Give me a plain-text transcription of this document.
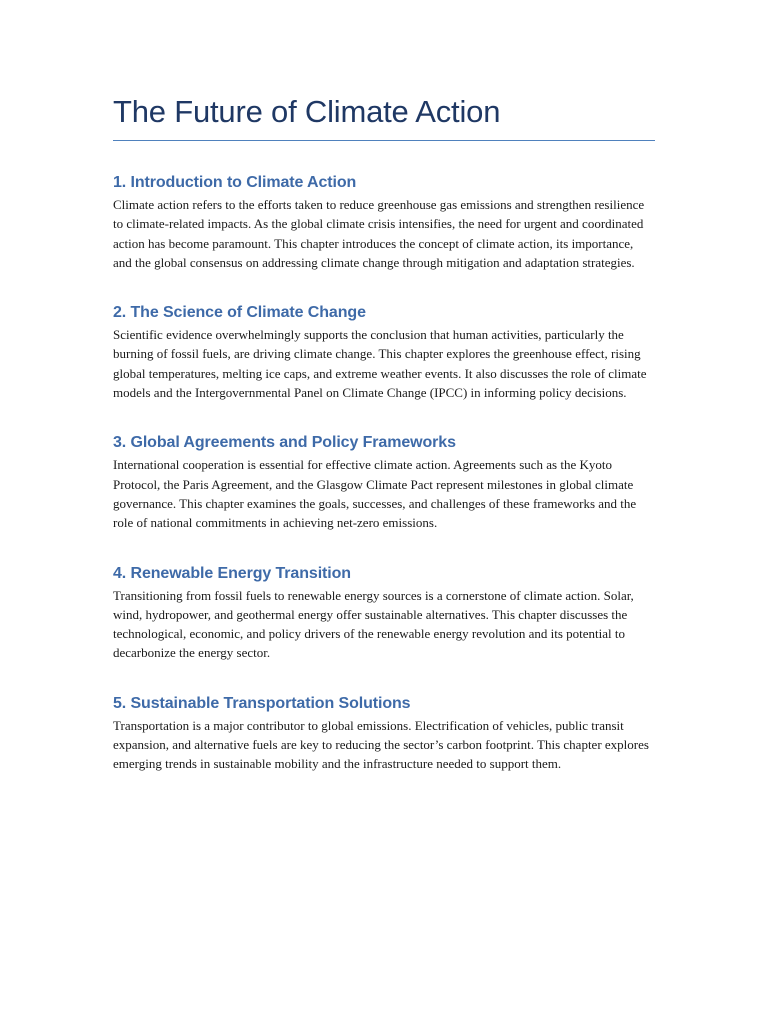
The Future of Climate Action
1. Introduction to Climate Action

Climate action refers to the efforts taken to reduce greenhouse gas emissions and strengthen resilience to climate-related impacts. As the global climate crisis intensifies, the need for urgent and coordinated action has become paramount. This chapter introduces the concept of climate action, its importance, and the global consensus on addressing climate change through mitigation and adaptation strategies.

2. The Science of Climate Change

Scientific evidence overwhelmingly supports the conclusion that human activities, particularly the burning of fossil fuels, are driving climate change. This chapter explores the greenhouse effect, rising global temperatures, melting ice caps, and extreme weather events. It also discusses the role of climate models and the Intergovernmental Panel on Climate Change (IPCC) in informing policy decisions.

3. Global Agreements and Policy Frameworks

International cooperation is essential for effective climate action. Agreements such as the Kyoto Protocol, the Paris Agreement, and the Glasgow Climate Pact represent milestones in global climate governance. This chapter examines the goals, successes, and challenges of these frameworks and the role of national commitments in achieving net-zero emissions.

4. Renewable Energy Transition

Transitioning from fossil fuels to renewable energy sources is a cornerstone of climate action. Solar, wind, hydropower, and geothermal energy offer sustainable alternatives. This chapter discusses the technological, economic, and policy drivers of the renewable energy revolution and its potential to decarbonize the energy sector.

5. Sustainable Transportation Solutions

Transportation is a major contributor to global emissions. Electrification of vehicles, public transit expansion, and alternative fuels are key to reducing the sector’s carbon footprint. This chapter explores emerging trends in sustainable mobility and the infrastructure needed to support them.
